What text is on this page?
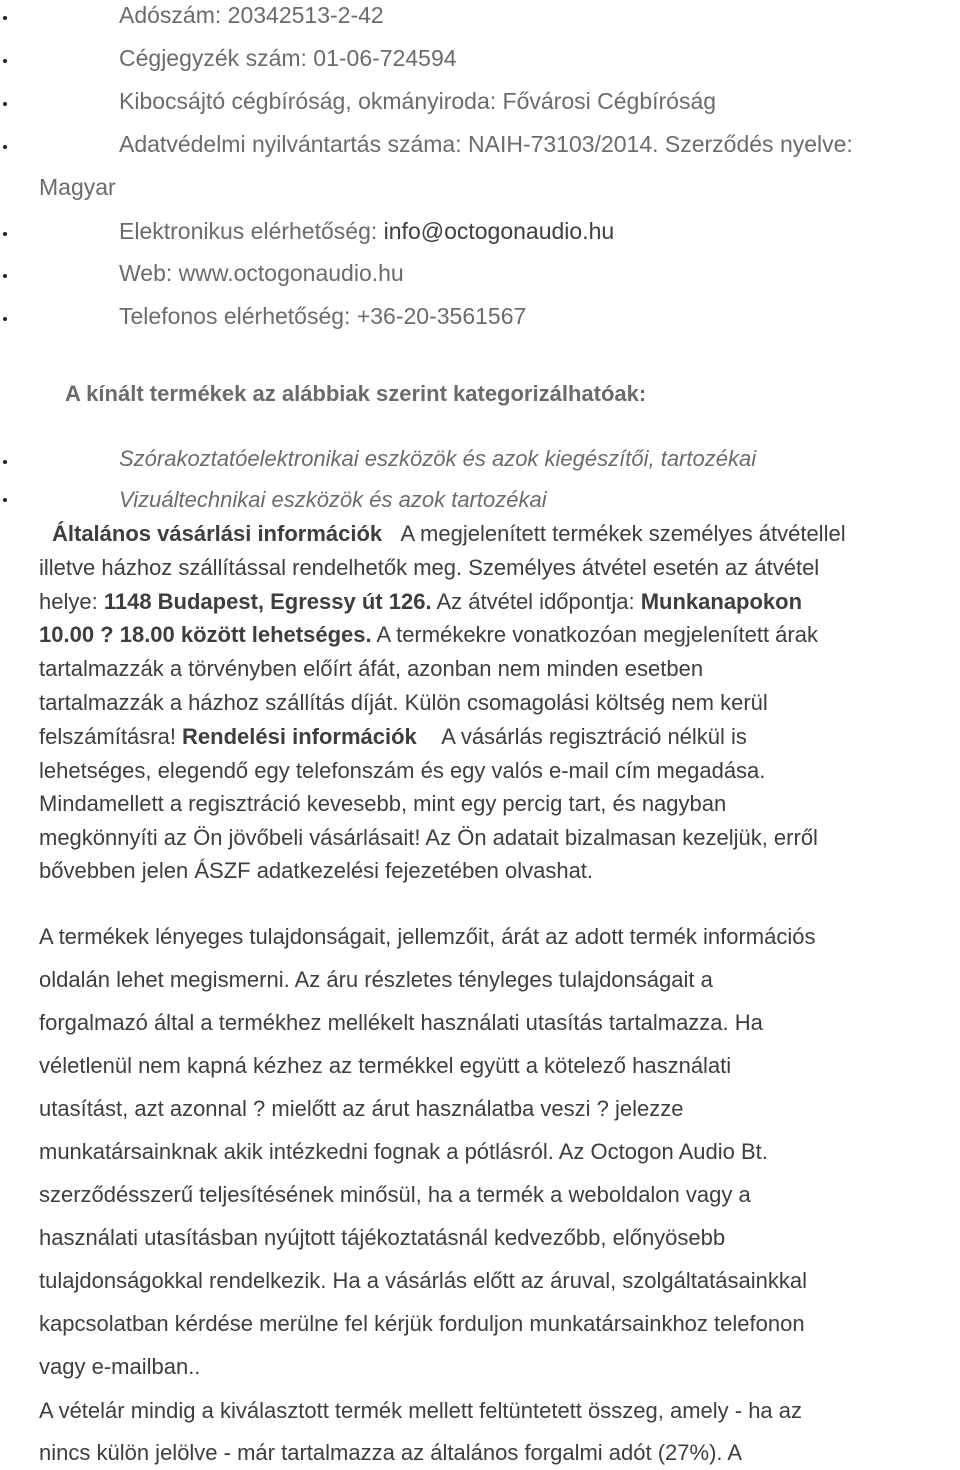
Adószám: 20342513-2-42
Cégjegyzék szám: 01-06-724594
Kibocsájtó cégbíróság, okmányiroda: Fővárosi Cégbíróság
Adatvédelmi nyilvántartás száma: NAIH-73103/2014. Szerződés nyelve:
Magyar
Elektronikus elérhetőség: info@octogonaudio.hu
Web: www.octogonaudio.hu
Telefonos elérhetőség: +36-20-3561567
A kínált termékek az alábbiak szerint kategorizálhatóak:
Szórakoztatóelektronikai eszközök és azok kiegészítői, tartozékai
Vizuáltechnikai eszközök és azok tartozékai
Általános vásárlási információk A megjelenített termékek személyes átvétellel
illetve házhoz szállítással rendelhetők meg. Személyes átvétel esetén az átvétel
helye: 1148 Budapest, Egressy út 126. Az átvétel időpontja: Munkanapokon
10.00 ? 18.00 között lehetséges. A termékekre vonatkozóan megjelenített árak
tartalmazzák a törvényben előírt áfát, azonban nem minden esetben
tartalmazzák a házhoz szállítás díját. Külön csomagolási költség nem kerül
felszámításra! Rendelési információk A vásárlás regisztráció nélkül is
lehetséges, elegendő egy telefonszám és egy valós e-mail cím megadása.
Mindamellett a regisztráció kevesebb, mint egy percig tart, és nagyban
megkönnyíti az Ön jövőbeli vásárlásait! Az Ön adatait bizalmasan kezeljük, erről
bővebben jelen ÁSZF adatkezelési fejezetében olvashat.
A termékek lényeges tulajdonságait, jellemzőit, árát az adott termék információs
oldalán lehet megismerni. Az áru részletes tényleges tulajdonságait a
forgalmazó által a termékhez mellékelt használati utasítás tartalmazza. Ha
véletlenül nem kapná kézhez az termékkel együtt a kötelező használati
utasítást, azt azonnal ? mielőtt az árut használatba veszi ? jelezze
munkatársainknak akik intézkedni fognak a pótlásról. Az Octogon Audio Bt.
szerződésszerű teljesítésének minősül, ha a termék a weboldalon vagy a
használati utasításban nyújtott tájékoztatásnál kedvezőbb, előnyösebb
tulajdonságokkal rendelkezik. Ha a vásárlás előtt az áruval, szolgáltatásainkkal
kapcsolatban kérdése merülne fel kérjük forduljon munkatársainkhoz telefonon
vagy e-mailban..
A vételár mindig a kiválasztott termék mellett feltüntetett összeg, amely - ha az
nincs külön jelölve - már tartalmazza az általános forgalmi adót (27%). A
